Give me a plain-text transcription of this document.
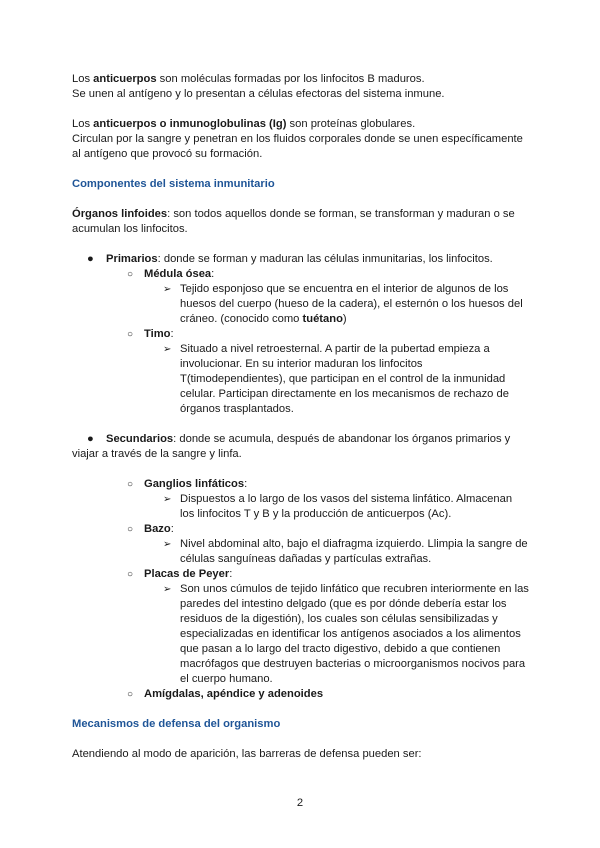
Los anticuerpos son moléculas formadas por los linfocitos B maduros.

Se unen al antígeno y lo presentan a células efectoras del sistema inmune.

Los anticuerpos o inmunoglobulinas (Ig) son proteínas globulares.

Circulan por la sangre y penetran en los fluidos corporales donde se unen específicamente

al antígeno que provocó su formación.

Componentes del sistema inmunitario

Órganos linfoides: son todos aquellos donde se forman, se transforman y maduran o se

acumulan los linfocitos.

● Primarios: donde se forman y maduran las células inmunitarias, los linfocitos.
○ Médula ósea:
➢ Tejido esponjoso que se encuentra en el interior de algunos de los

huesos del cuerpo (hueso de la cadera), el esternón o los huesos del

cráneo. (conocido como tuétano)

○ Timo:
➢ Situado a nivel retroesternal. A partir de la pubertad empieza a

involucionar. En su interior maduran los linfocitos

T(timodependientes), que participan en el control de la inmunidad

celular. Participan directamente en los mecanismos de rechazo de

órganos trasplantados.

● Secundarios: donde se acumula, después de abandonar los órganos primarios y

viajar a través de la sangre y linfa.

○ Ganglios linfáticos:
➢ Dispuestos a lo largo de los vasos del sistema linfático. Almacenan

los linfocitos T y B y la producción de anticuerpos (Ac).

○ Bazo:
➢ Nivel abdominal alto, bajo el diafragma izquierdo. Llimpia la sangre de

células sanguíneas dañadas y partículas extrañas.

○ Placas de Peyer:
➢ Son unos cúmulos de tejido linfático que recubren interiormente en las

paredes del intestino delgado (que es por dónde debería estar los

residuos de la digestión), los cuales son células sensibilizadas y

especializadas en identificar los antígenos asociados a los alimentos

que pasan a lo largo del tracto digestivo, debido a que contienen

macrófagos que destruyen bacterias o microorganismos nocivos para

el cuerpo humano.

○ Amígdalas, apéndice y adenoides

Mecanismos de defensa del organismo

Atendiendo al modo de aparición, las barreras de defensa pueden ser:

2
